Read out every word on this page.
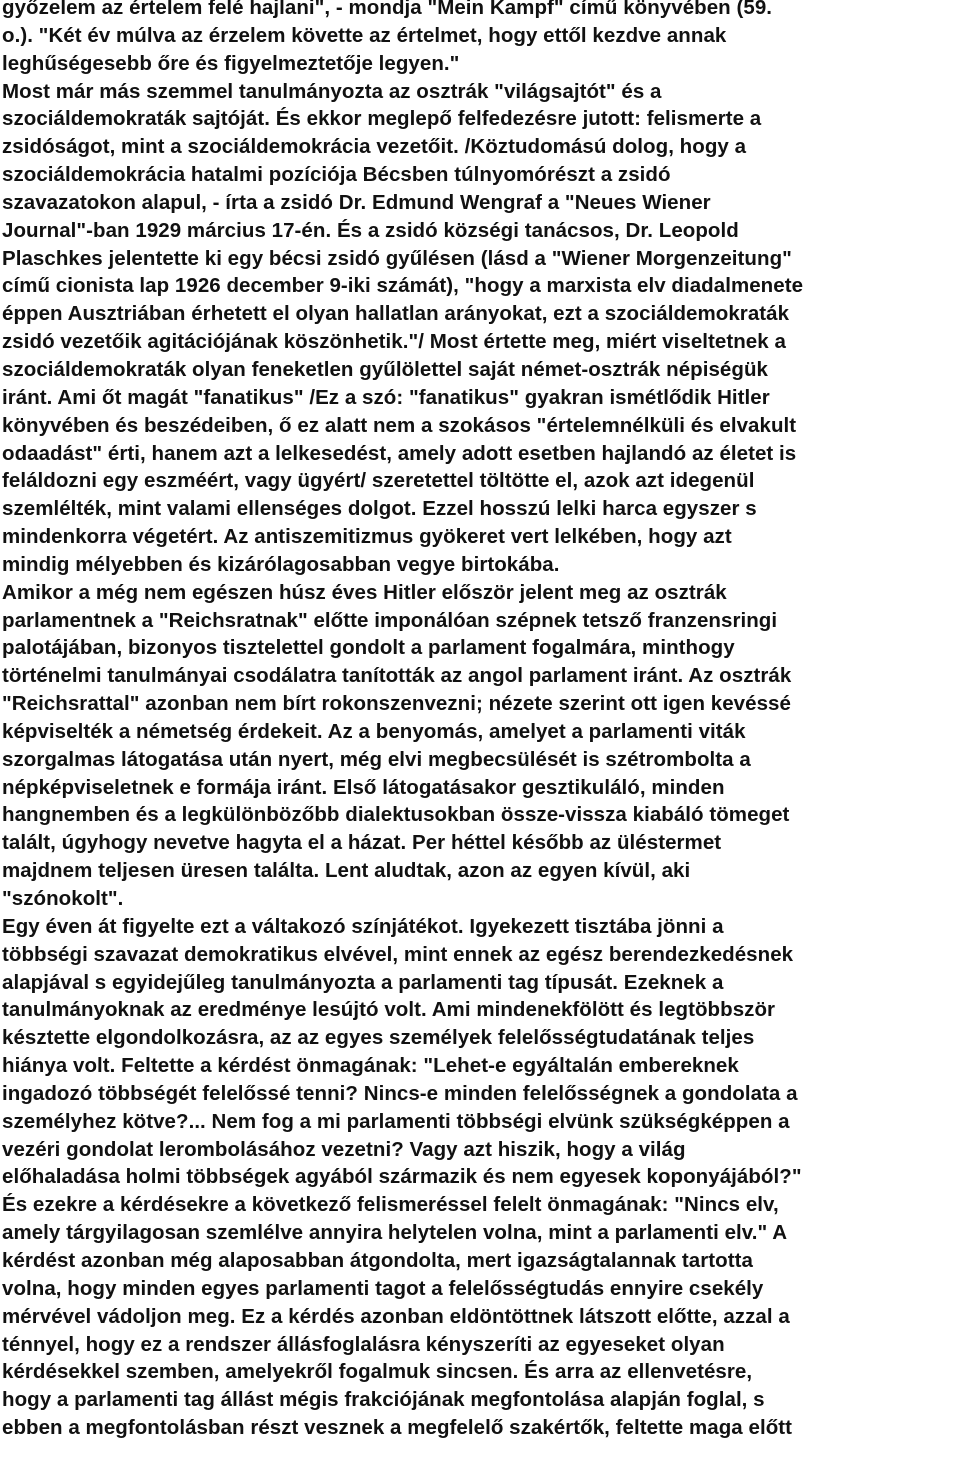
győzelem az értelem felé hajlani", - mondja "Mein Kampf" című könyvében (59.
o.). "Két év múlva az érzelem követte az értelmet, hogy ettől kezdve annak
leghűségesebb őre és figyelmeztetője legyen."
Most már más szemmel tanulmányozta az osztrák "világsajtót" és a
szociáldemokraták sajtóját. És ekkor meglepő felfedezésre jutott: felismerte a
zsidóságot, mint a szociáldemokrácia vezetőit. /Köztudomású dolog, hogy a
szociáldemokrácia hatalmi pozíciója Bécsben túlnyomórészt a zsidó
szavazatokon alapul, - írta a zsidó Dr. Edmund Wengraf a "Neues Wiener
Journal"-ban 1929 március 17-én. És a zsidó községi tanácsos, Dr. Leopold
Plaschkes jelentette ki egy bécsi zsidó gyűlésen (lásd a "Wiener Morgenzeitung"
című cionista lap 1926 december 9-iki számát), "hogy a marxista elv diadalmenete
éppen Ausztriában érhetett el olyan hallatlan arányokat, ezt a szociáldemokraták
zsidó vezetőik agitációjának köszönhetik."/ Most értette meg, miért viseltetnek a
szociáldemokraták olyan feneketlen gyűlölettel saját német-osztrák népiségük
iránt. Ami őt magát "fanatikus" /Ez a szó: "fanatikus" gyakran ismétlődik Hitler
könyvében és beszédeiben, ő ez alatt nem a szokásos "értelemnélküli és elvakult
odaadást" érti, hanem azt a lelkesedést, amely adott esetben hajlandó az életet is
feláldozni egy eszméért, vagy ügyért/ szeretettel töltötte el, azok azt idegenül
szemlélték, mint valami ellenséges dolgot. Ezzel hosszú lelki harca egyszer s
mindenkorra végetért. Az antiszemitizmus gyökeret vert lelkében, hogy azt
mindig mélyebben és kizárólagosabban vegye birtokába.
Amikor a még nem egészen húsz éves Hitler először jelent meg az osztrák
parlamentnek a "Reichsratnak" előtte imponálóan szépnek tetsző franzensringi
palotájában, bizonyos tisztelettel gondolt a parlament fogalmára, minthogy
történelmi tanulmányai csodálatra tanították az angol parlament iránt. Az osztrák
"Reichsrattal" azonban nem bírt rokonszenvezni; nézete szerint ott igen kevéssé
képviselték a németség érdekeit. Az a benyomás, amelyet a parlamenti viták
szorgalmas látogatása után nyert, még elvi megbecsülését is szétrombolta a
népképviseletnek e formája iránt. Első látogatásakor gesztikuláló, minden
hangnemben és a legkülönbözőbb dialektusokban össze-vissza kiabáló tömeget
talált, úgyhogy nevetve hagyta el a házat. Per héttel később az üléstermet
majdnem teljesen üresen találta. Lent aludtak, azon az egyen kívül, aki
"szónokolt".
Egy éven át figyelte ezt a váltakozó színjátékot. Igyekezett tisztába jönni a
többségi szavazat demokratikus elvével, mint ennek az egész berendezkedésnek
alapjával s egyidejűleg tanulmányozta a parlamenti tag típusát. Ezeknek a
tanulmányoknak az eredménye lesújtó volt. Ami mindenekfölött és legtöbbször
késztette elgondolkozásra, az az egyes személyek felelősségtudatának teljes
hiánya volt. Feltette a kérdést önmagának: "Lehet-e egyáltalán embereknek
ingadozó többségét felelőssé tenni? Nincs-e minden felelősségnek a gondolata a
személyhez kötve?... Nem fog a mi parlamenti többségi elvünk szükségképpen a
vezéri gondolat lerombolásához vezetni? Vagy azt hiszik, hogy a világ
előhaladása holmi többségek agyából származik és nem egyesek koponyájából?"
És ezekre a kérdésekre a következő felismeréssel felelt önmagának: "Nincs elv,
amely tárgyilagosan szemlélve annyira helytelen volna, mint a parlamenti elv." A
kérdést azonban még alaposabban átgondolta, mert igazságtalannak tartotta
volna, hogy minden egyes parlamenti tagot a felelősségtudás ennyire csekély
mérvével vádoljon meg. Ez a kérdés azonban eldöntöttnek látszott előtte, azzal a
ténnyel, hogy ez a rendszer állásfoglalásra kényszeríti az egyeseket olyan
kérdésekkel szemben, amelyekről fogalmuk sincsen. És arra az ellenvetésre,
hogy a parlamenti tag állást mégis frakciójának megfontolása alapján foglal, s
ebben a megfontolásban részt vesznek a megfelelő szakértők, feltette maga előtt
